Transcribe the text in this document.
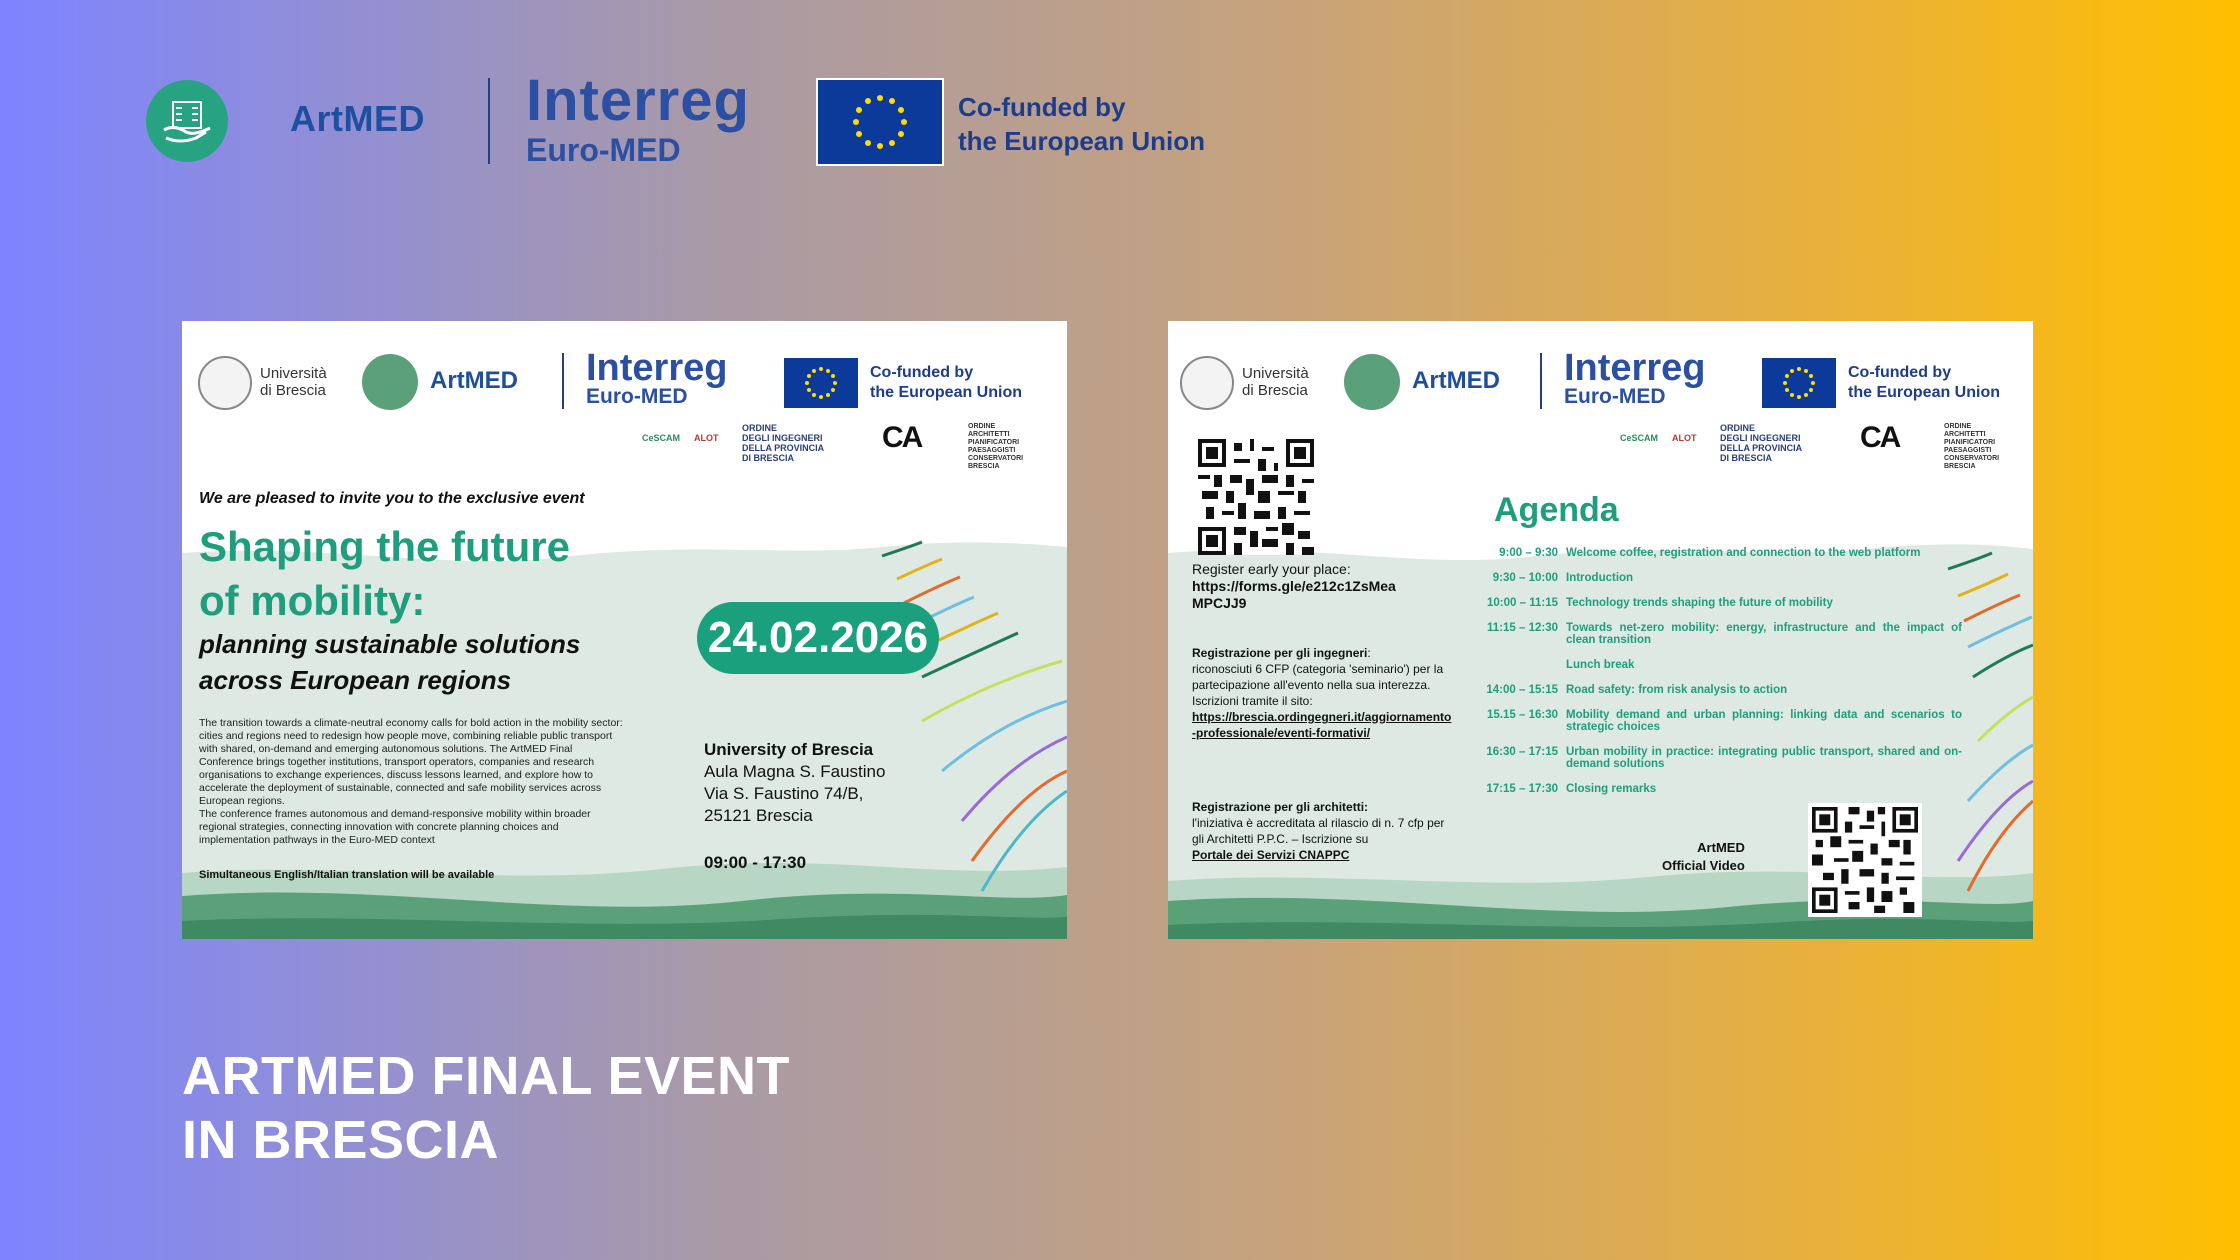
ArtMED Interreg
Euro-MED
Co-funded by
the European Union
Università
di Brescia	ArtMED Interreg
Euro-MED
Co-funded by
the European Union
CeSCAM ALOT
ORDINE
DEGLI INGEGNERI
DELLA PROVINCIA
DI BRESCIA
CA	ORDINE
ARCHITETTI
PIANIFICATORI
PAESAGGISTI
CONSERVATORI
BRESCIA
We are pleased to invite you to the exclusive event
Shaping the future
of mobility:
planning sustainable solutions
across European regions
The transition towards a climate-neutral economy calls for bold action in the mobility sector: cities and regions need to redesign how people move, combining reliable public transport with shared, on-demand and emerging autonomous solutions. The ArtMED Final Conference brings together institutions, transport operators, companies and research organisations to exchange experiences, discuss lessons learned, and explore how to accelerate the deployment of sustainable, connected and safe mobility services across European regions.
The conference frames autonomous and demand-responsive mobility within broader regional strategies, connecting innovation with concrete planning choices and implementation pathways in the Euro-MED context
Simultaneous English/Italian translation will be available
24.02.2026
University of Brescia
Aula Magna S. Faustino
Via S. Faustino 74/B,
25121 Brescia
09:00 - 17:30
Università
di Brescia	ArtMED Interreg
Euro-MED
Co-funded by
the European Union
CeSCAM ALOT
ORDINE
DEGLI INGEGNERI
DELLA PROVINCIA
DI BRESCIA
CA	ORDINE
ARCHITETTI
PIANIFICATORI
PAESAGGISTI
CONSERVATORI
BRESCIA
Register early your place:
https://forms.gle/e212c1ZsMea
MPCJJ9
Registrazione per gli ingegneri:
riconosciuti 6 CFP (categoria 'seminario') per la partecipazione all'evento nella sua interezza.
Iscrizioni tramite il sito:
https://brescia.ordingegneri.it/aggiornamento-professionale/eventi-formativi/
Registrazione per gli architetti:
l'iniziativa è accreditata al rilascio di n. 7 cfp per gli Architetti P.P.C. – Iscrizione su
Portale dei Servizi CNAPPC
Agenda
9:00 – 9:30 Welcome coffee, registration and connection to the web platform
9:30 – 10:00 Introduction
10:00 – 11:15 Technology trends shaping the future of mobility
11:15 – 12:30 Towards net-zero mobility: energy, infrastructure and the impact of clean transition
Lunch break
14:00 – 15:15 Road safety: from risk analysis to action
15.15 – 16:30 Mobility demand and urban planning: linking data and scenarios to strategic choices
16:30 – 17:15 Urban mobility in practice: integrating public transport, shared and on-demand solutions
17:15 – 17:30 Closing remarks
ArtMED
Official Video
ARTMED FINAL EVENT
IN BRESCIA
